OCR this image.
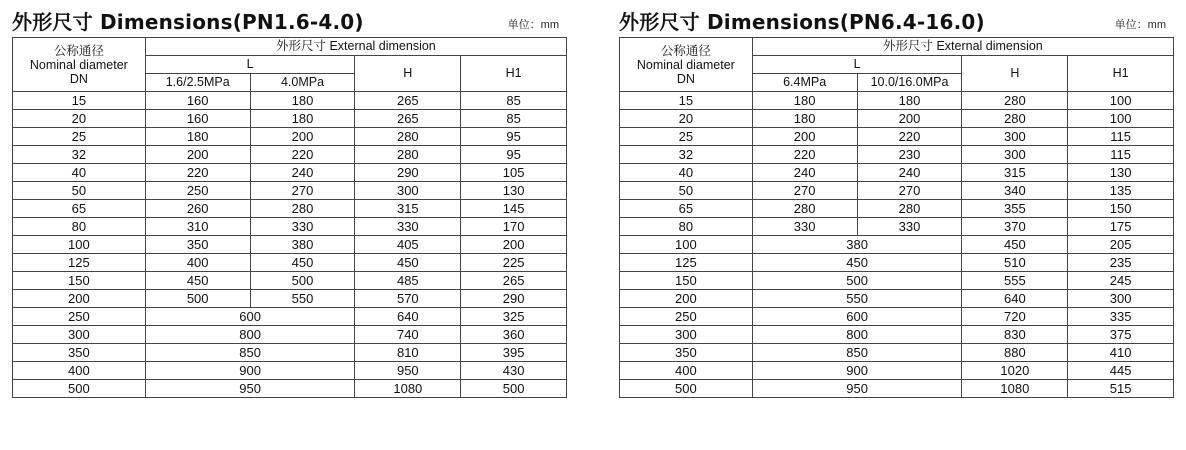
外形尺寸 Dimensions(PN1.6-4.0)	单位：mm
公称通径
Nominal diameter
DN	外形尺寸 External dimension			
	L		H	H1
	1.6/2.5MPa	4.0MPa		
15	160	180	265	85
20	160	180	265	85
25	180	200	280	95
32	200	220	280	95
40	220	240	290	105
50	250	270	300	130
65	260	280	315	145
80	310	330	330	170
100	350	380	405	200
125	400	450	450	225
150	450	500	485	265
200	500	550	570	290
250	600		640	325
300	800		740	360
350	850		810	395
400	900		950	430
500	950		1080	500
外形尺寸 Dimensions(PN6.4-16.0)	单位：mm
公称通径
Nominal diameter
DN	外形尺寸 External dimension			
	L		H	H1
	6.4MPa	10.0/16.0MPa		
15	180	180	280	100
20	180	200	280	100
25	200	220	300	115
32	220	230	300	115
40	240	240	315	130
50	270	270	340	135
65	280	280	355	150
80	330	330	370	175
100	380		450	205
125	450		510	235
150	500		555	245
200	550		640	300
250	600		720	335
300	800		830	375
350	850		880	410
400	900		1020	445
500	950		1080	515
